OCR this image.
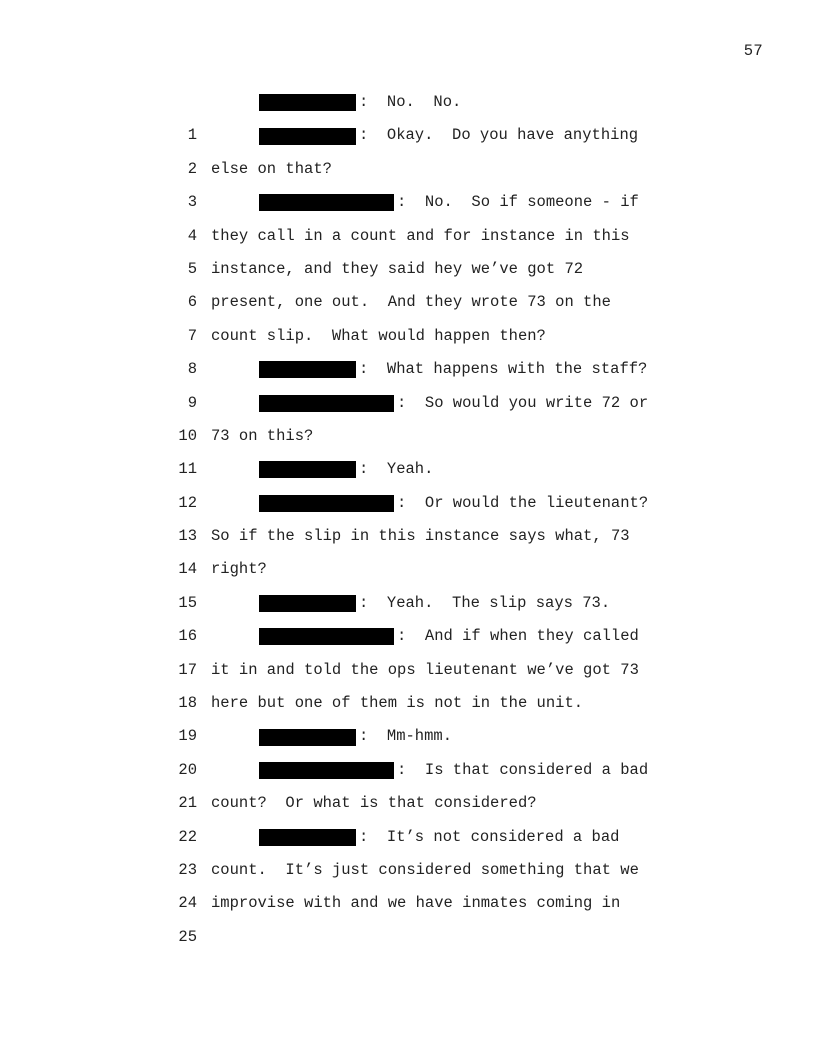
57

1

:  No.  No.

2

:  Okay.  Do you have anything

3

else on that?

4

:  No.  So if someone - if

5

they call in a count and for instance in this

6

instance, and they said hey we’ve got 72

7

present, one out.  And they wrote 73 on the

8

count slip.  What would happen then?

9

:  What happens with the staff?

10

:  So would you write 72 or

11

73 on this?

12

:  Yeah.

13

:  Or would the lieutenant?

14

So if the slip in this instance says what, 73

15

right?

16

:  Yeah.  The slip says 73.

17

:  And if when they called

18

it in and told the ops lieutenant we’ve got 73

19

here but one of them is not in the unit.

20

:  Mm-hmm.

21

:  Is that considered a bad

22

count?  Or what is that considered?

23

:  It’s not considered a bad

24

count.  It’s just considered something that we

25

improvise with and we have inmates coming in
